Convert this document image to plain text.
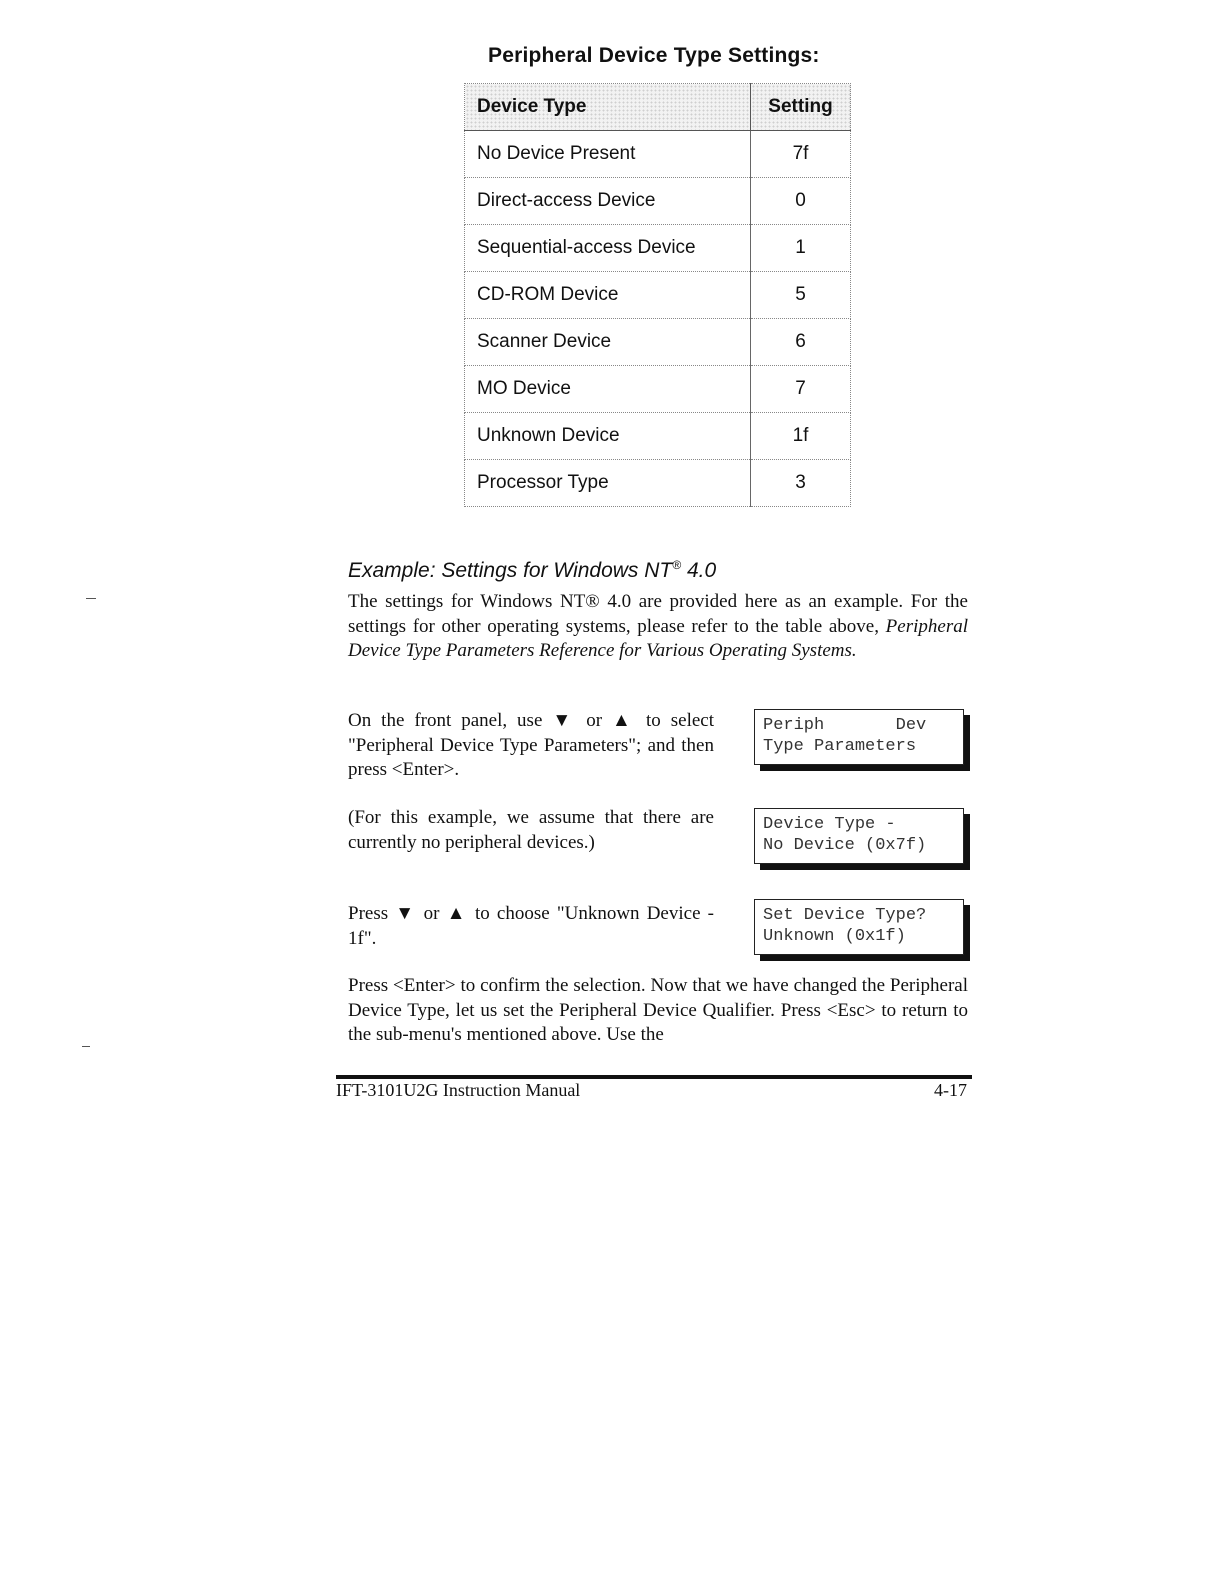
Peripheral Device Type Settings:
Device Type	Setting
No Device Present	7f
Direct-access Device	0
Sequential-access Device	1
CD-ROM Device	5
Scanner Device	6
MO Device	7
Unknown Device	1f
Processor Type	3
Example: Settings for Windows NT® 4.0
The settings for Windows NT® 4.0 are provided here as an example. For the settings for other operating systems, please refer to the table above, Peripheral Device Type Parameters Reference for Various Operating Systems.
On the front panel, use ▼ or ▲ to select "Peripheral Device Type Parameters"; and then press <Enter>.
Periph       Dev
Type Parameters
(For this example, we assume that there are currently no peripheral devices.)
Device Type -
No Device (0x7f)
Press ▼ or ▲ to choose "Unknown Device - 1f".
Set Device Type?
Unknown (0x1f)
Press <Enter> to confirm the selection. Now that we have changed the Peripheral Device Type, let us set the Peripheral Device Qualifier. Press <Esc> to return to the sub-menu's mentioned above. Use the
IFT-3101U2G Instruction Manual	4-17
